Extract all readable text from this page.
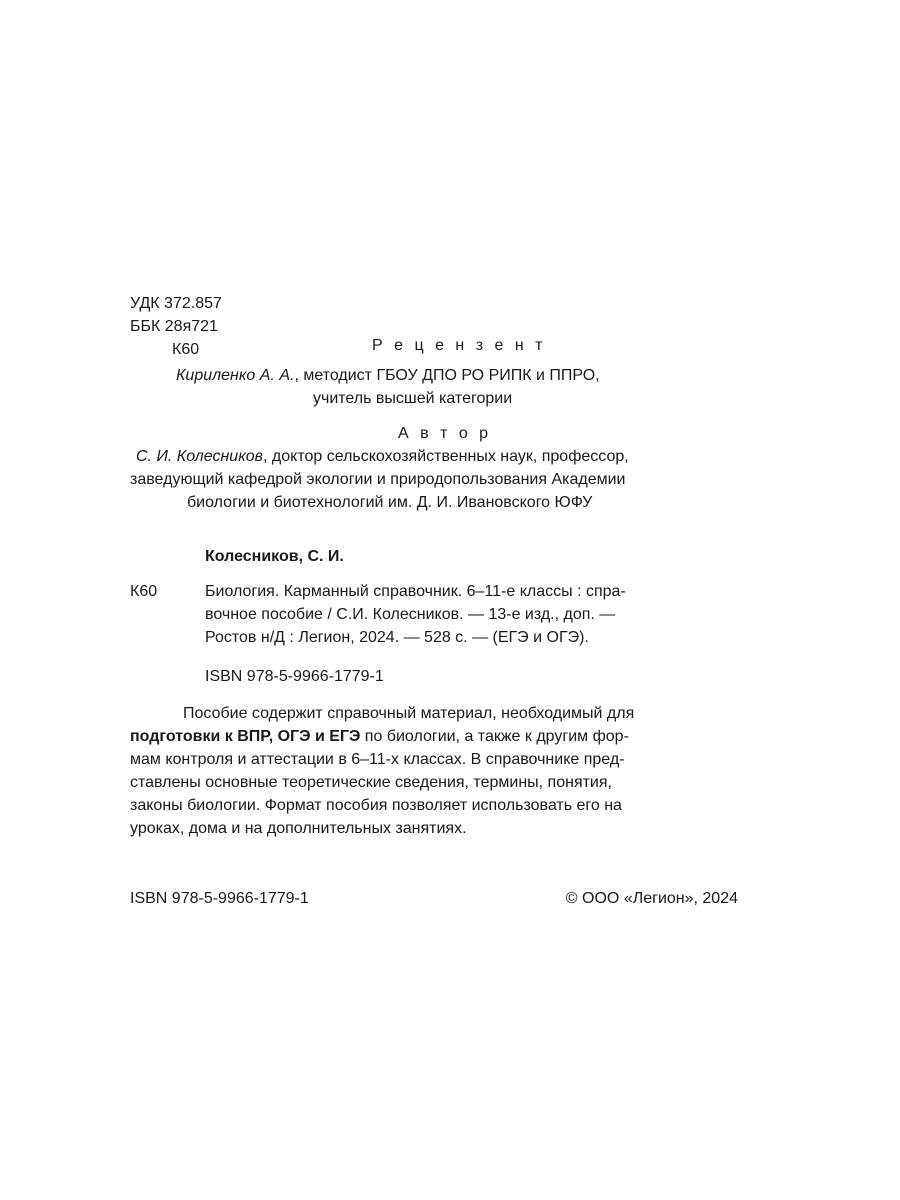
УДК 372.857
ББК 28я721
К60	Р е ц е н з е н т
Кириленко А. А., методист ГБОУ ДПО РО РИПК и ППРО,
учитель высшей категории
А в т о р
С. И. Колесников, доктор сельскохозяйственных наук, профессор,
заведующий кафедрой экологии и природопользования Академии
биологии и биотехнологий им. Д. И. Ивановского ЮФУ
Колесников, С. И.
К60	Биология. Карманный справочник. 6–11-е классы : спра-
вочное пособие / С.И. Колесников. — 13-е изд., доп. —
Ростов н/Д : Легион, 2024. — 528 с. — (ЕГЭ и ОГЭ).
ISBN 978-5-9966-1779-1
Пособие содержит справочный материал, необходимый для
подготовки к ВПР, ОГЭ и ЕГЭ по биологии, а также к другим фор-
мам контроля и аттестации в 6–11-х классах. В справочнике пред-
ставлены основные теоретические сведения, термины, понятия,
законы биологии. Формат пособия позволяет использовать его на
уроках, дома и на дополнительных занятиях.
ISBN 978-5-9966-1779-1	© ООО «Легион», 2024
